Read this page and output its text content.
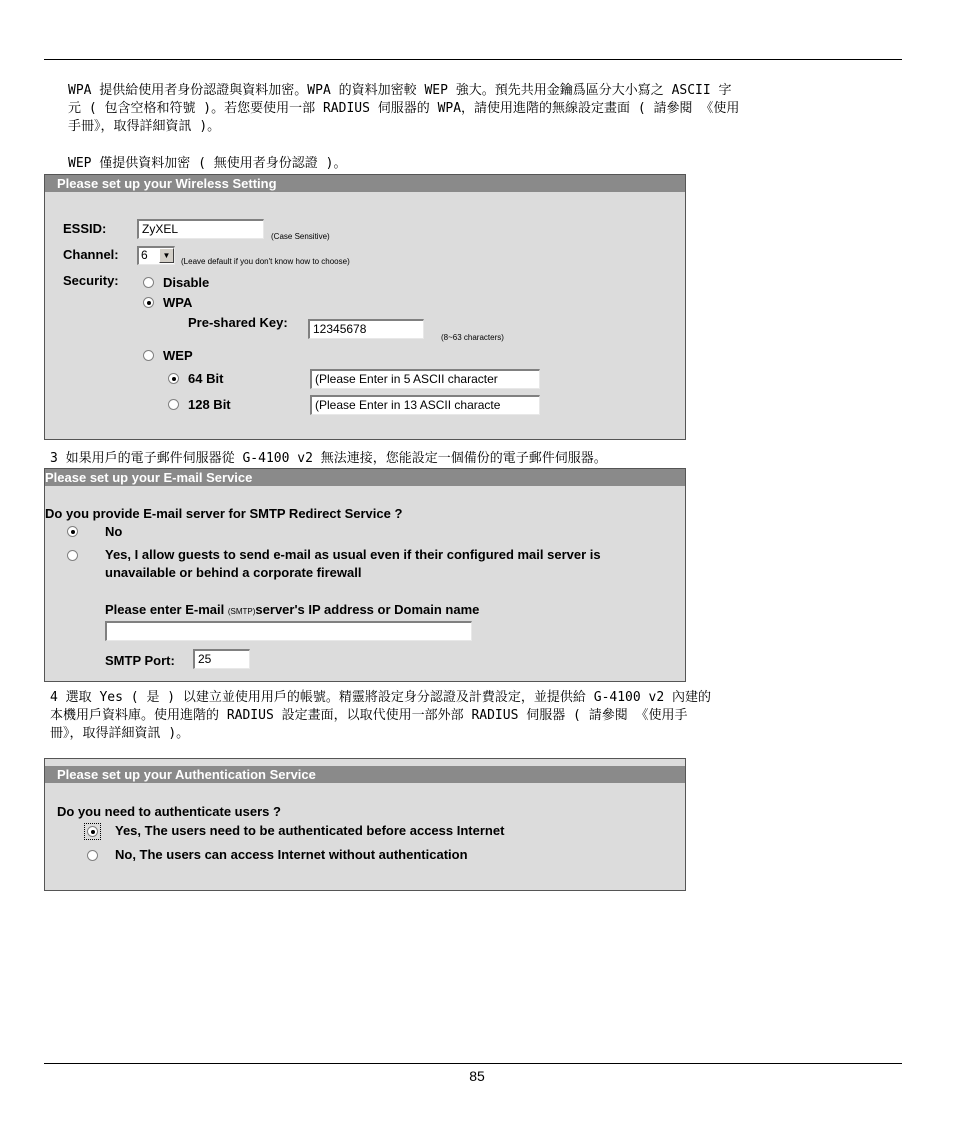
WPA 提供給使用者身份認證與資料加密。WPA 的資料加密較 WEP 強大。預先共用金鑰爲區分大小寫之 ASCII 字

元 ( 包含空格和符號 )。若您要使用一部 RADIUS 伺服器的 WPA，請使用進階的無線設定畫面 ( 請參閱 《使用

手冊》，取得詳細資訊 )。

WEP 僅提供資料加密 ( 無使用者身份認證 )。

Please set up your Wireless Setting
ESSID:	ZyXEL
(Case Sensitive)
Channel:	6	▼
(Leave default if you don't know how to choose)
Security:	Disable
WPA
Pre-shared Key:	12345678
(8~63 characters)
WEP
64 Bit	(Please Enter in 5 ASCII character
128 Bit	(Please Enter in 13 ASCII characte

3 如果用戶的電子郵件伺服器從 G-4100 v2 無法連接，您能設定一個備份的電子郵件伺服器。

Please set up your E-mail Service
Do you provide E-mail server for SMTP Redirect Service ?
No
Yes, I allow guests to send e-mail as usual even if their configured mail server is
unavailable or behind a corporate firewall
Please enter E-mail (SMTP)server's IP address or Domain name
SMTP Port:	25

4 選取 Yes ( 是 ) 以建立並使用用戶的帳號。精靈將設定身分認證及計費設定，並提供給 G-4100 v2 內建的

本機用戶資料庫。使用進階的 RADIUS 設定畫面，以取代使用一部外部 RADIUS 伺服器 ( 請參閱 《使用手

冊》，取得詳細資訊 )。

Please set up your Authentication Service
Do you need to authenticate users ?
Yes, The users need to be authenticated before access Internet
No, The users can access Internet without authentication
85
